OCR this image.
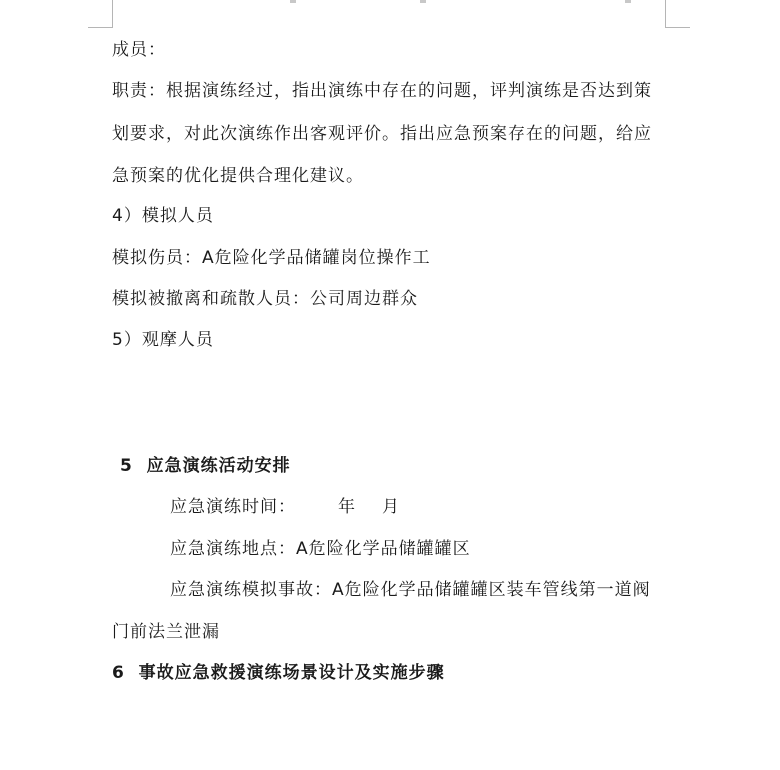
成员：
职责：根据演练经过，指出演练中存在的问题，评判演练是否达到策
划要求，对此次演练作出客观评价。指出应急预案存在的问题，给应
急预案的优化提供合理化建议。
4）模拟人员
模拟伤员：A危险化学品储罐岗位操作工
模拟被撤离和疏散人员：公司周边群众
5）观摩人员
5  应急演练活动安排
应急演练时间： 年 月
应急演练地点：A危险化学品储罐罐区
应急演练模拟事故：A危险化学品储罐罐区装车管线第一道阀
门前法兰泄漏
6  事故应急救援演练场景设计及实施步骤
